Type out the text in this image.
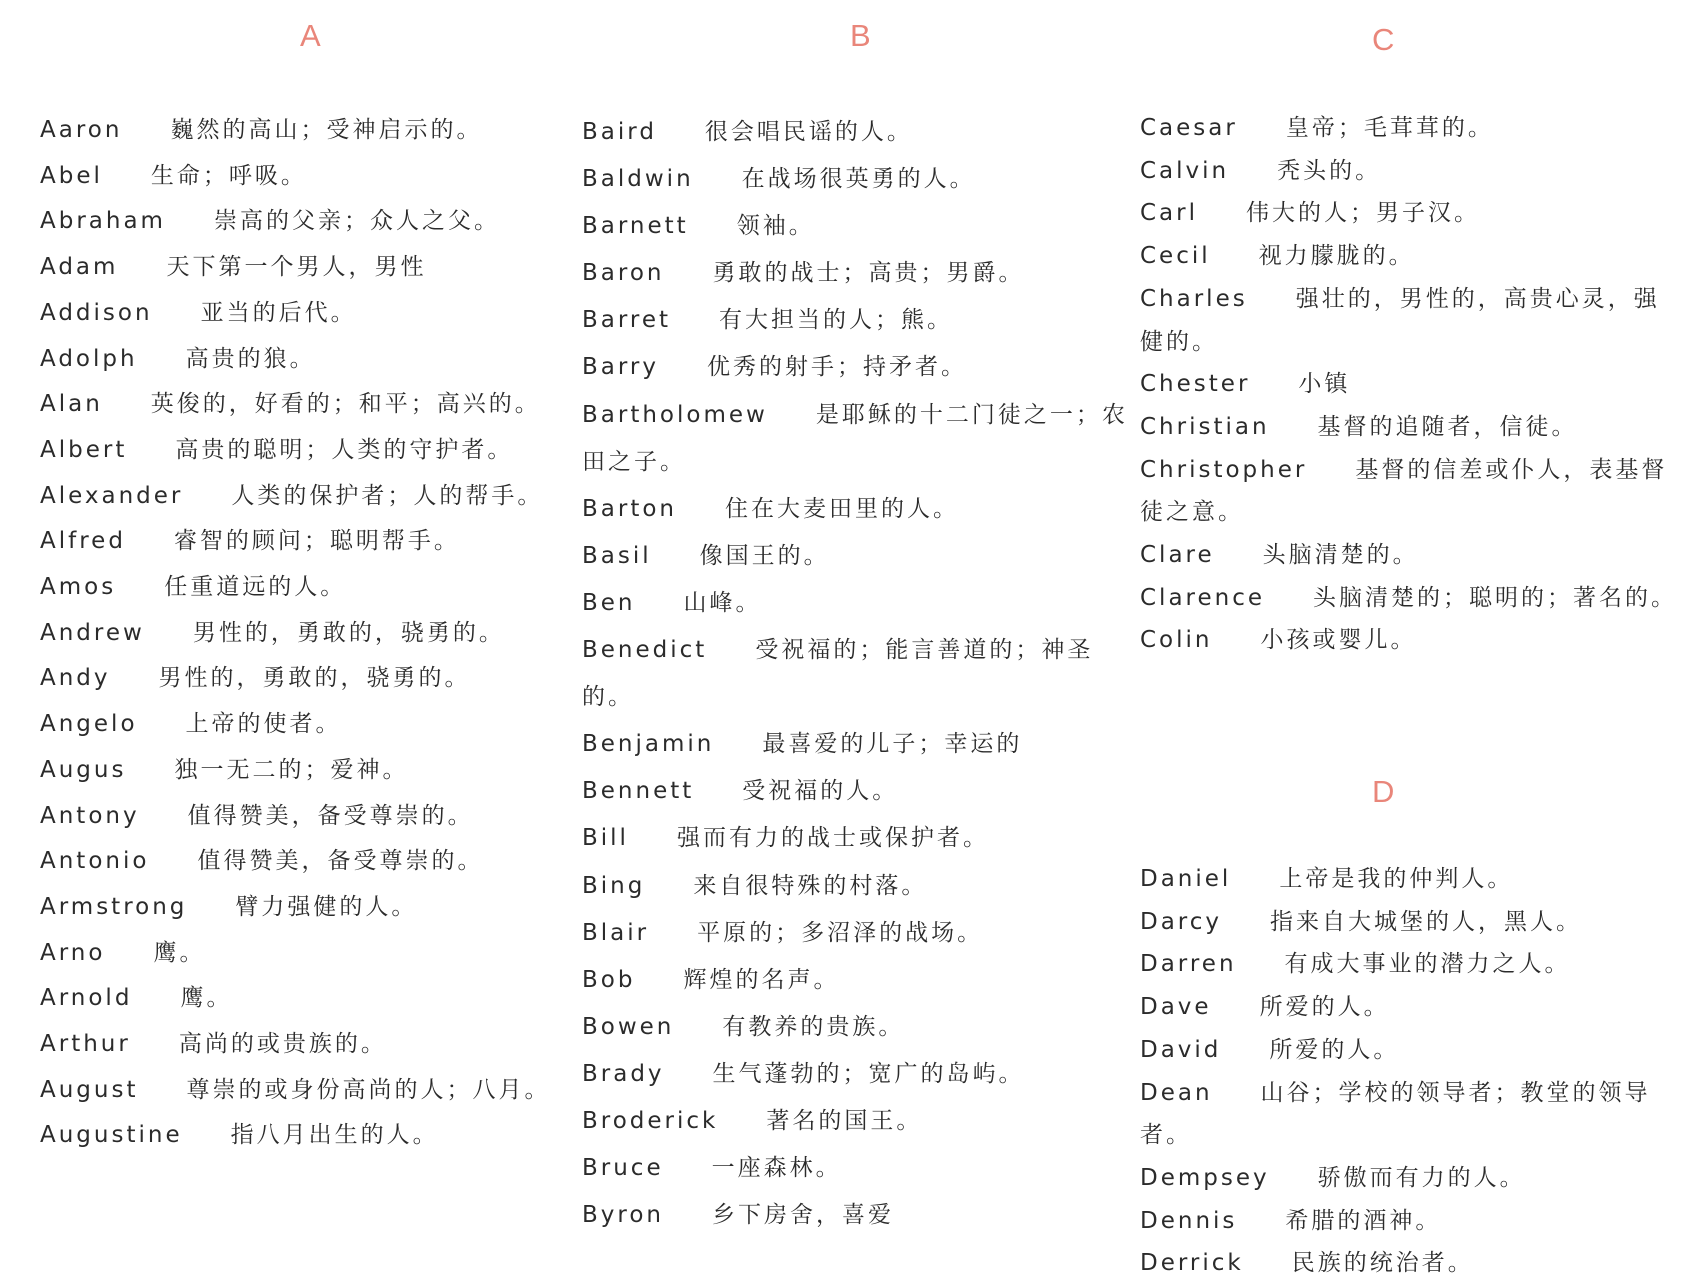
A
Aaron 巍然的高山；受神启示的。
Abel 生命；呼吸。
Abraham 崇高的父亲；众人之父。
Adam 天下第一个男人，男性
Addison 亚当的后代。
Adolph 高贵的狼。
Alan 英俊的，好看的；和平；高兴的。
Albert 高贵的聪明；人类的守护者。
Alexander 人类的保护者；人的帮手。
Alfred 睿智的顾问；聪明帮手。
Amos 任重道远的人。
Andrew 男性的，勇敢的，骁勇的。
Andy 男性的，勇敢的，骁勇的。
Angelo 上帝的使者。
Augus 独一无二的；爱神。
Antony 值得赞美，备受尊崇的。
Antonio 值得赞美，备受尊崇的。
Armstrong 臂力强健的人。
Arno 鹰。
Arnold 鹰。
Arthur 高尚的或贵族的。
August 尊崇的或身份高尚的人；八月。
Augustine 指八月出生的人。
B
Baird 很会唱民谣的人。
Baldwin 在战场很英勇的人。
Barnett 领袖。
Baron 勇敢的战士；高贵；男爵。
Barret 有大担当的人；熊。
Barry 优秀的射手；持矛者。
Bartholomew 是耶稣的十二门徒之一；农田之子。
Barton 住在大麦田里的人。
Basil 像国王的。
Ben 山峰。
Benedict 受祝福的；能言善道的；神圣的。
Benjamin 最喜爱的儿子；幸运的
Bennett 受祝福的人。
Bill 强而有力的战士或保护者。
Bing 来自很特殊的村落。
Blair 平原的；多沼泽的战场。
Bob 辉煌的名声。
Bowen 有教养的贵族。
Brady 生气蓬勃的；宽广的岛屿。
Broderick 著名的国王。
Bruce 一座森林。
Byron 乡下房舍，喜爱
C
Caesar 皇帝；毛茸茸的。
Calvin 秃头的。
Carl 伟大的人；男子汉。
Cecil 视力朦胧的。
Charles 强壮的，男性的，高贵心灵，强健的。
Chester 小镇
Christian 基督的追随者，信徒。
Christopher 基督的信差或仆人，表基督徒之意。
Clare 头脑清楚的。
Clarence 头脑清楚的；聪明的；著名的。
Colin 小孩或婴儿。
D
Daniel 上帝是我的仲判人。
Darcy 指来自大城堡的人，黑人。
Darren 有成大事业的潜力之人。
Dave 所爱的人。
David 所爱的人。
Dean 山谷；学校的领导者；教堂的领导者。
Dempsey 骄傲而有力的人。
Dennis 希腊的酒神。
Derrick 民族的统治者。
